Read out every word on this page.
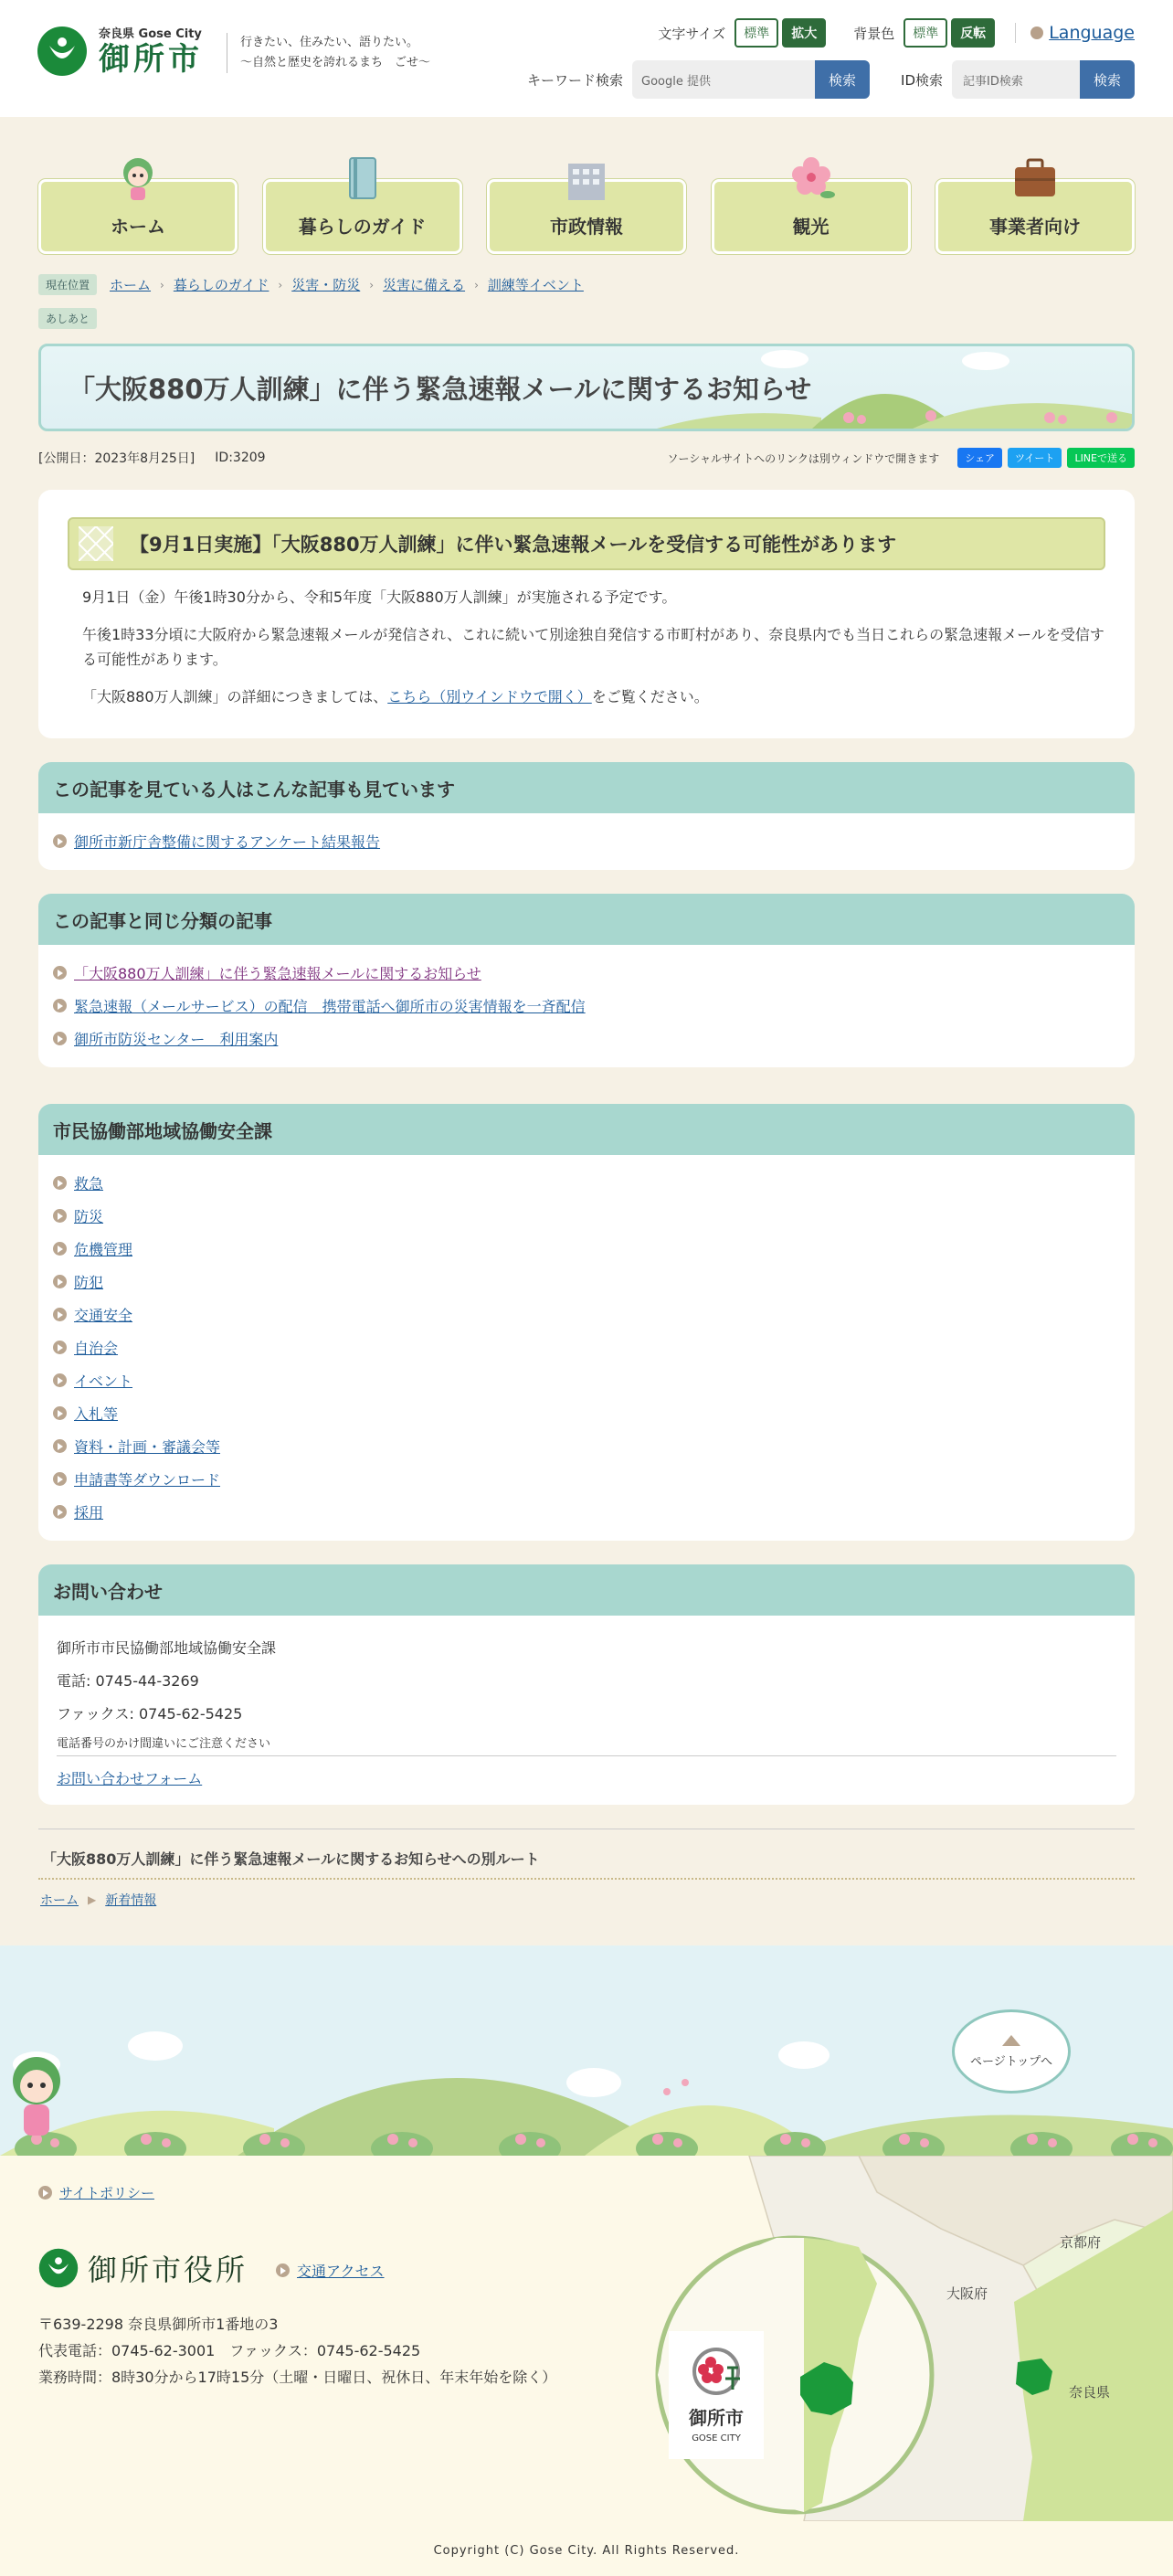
奈良県 Gose City
御所市	行きたい、住みたい、語りたい。
〜自然と歴史を誇れるまち　ごせ〜
文字サイズ	標準	拡大	背景色	標準	反転	Language
キーワード検索	Google 提供	検索	ID検索	記事ID検索	検索
ホーム	暮らしのガイド	市政情報	観光	事業者向け
現在位置	ホーム › 暮らしのガイド › 災害・防災 › 災害に備える › 訓練等イベント
あしあと
「大阪880万人訓練」に伴う緊急速報メールに関するお知らせ
[公開日：2023年8月25日] ID:3209	ソーシャルサイトへのリンクは別ウィンドウで開きます	シェア	ツイート	LINEで送る
【9月1日実施】「大阪880万人訓練」に伴い緊急速報メールを受信する可能性があります

9月1日（金）午後1時30分から、令和5年度「大阪880万人訓練」が実施される予定です。

午後1時33分頃に大阪府から緊急速報メールが発信され、これに続いて別途独自発信する市町村があり、奈良県内でも当日これらの緊急速報メールを受信する可能性があります。

「大阪880万人訓練」の詳細につきましては、こちら（別ウインドウで開く）をご覧ください。

この記事を見ている人はこんな記事も見ています
御所市新庁舎整備に関するアンケート結果報告
この記事と同じ分類の記事
「大阪880万人訓練」に伴う緊急速報メールに関するお知らせ
緊急速報（メールサービス）の配信　携帯電話へ御所市の災害情報を一斉配信
御所市防災センター　利用案内
市民協働部地域協働安全課
救急
防災
危機管理
防犯
交通安全
自治会
イベント
入札等
資料・計画・審議会等
申請書等ダウンロード
採用
お問い合わせ
御所市市民協働部地域協働安全課
電話: 0745-44-3269
ファックス: 0745-62-5425
電話番号のかけ間違いにご注意ください
お問い合わせフォーム
「大阪880万人訓練」に伴う緊急速報メールに関するお知らせへの別ルート
ホーム ▶ 新着情報
ページトップへ
サイトポリシー
御所市役所	交通アクセス
〒639-2298 奈良県御所市1番地の3
代表電話：0745-62-3001　ファックス：0745-62-5425
業務時間：8時30分から17時15分（土曜・日曜日、祝休日、年末年始を除く）
御所市
GOSE CITY
京都府
大阪府
奈良県
Copyright (C) Gose City. All Rights Reserved.
